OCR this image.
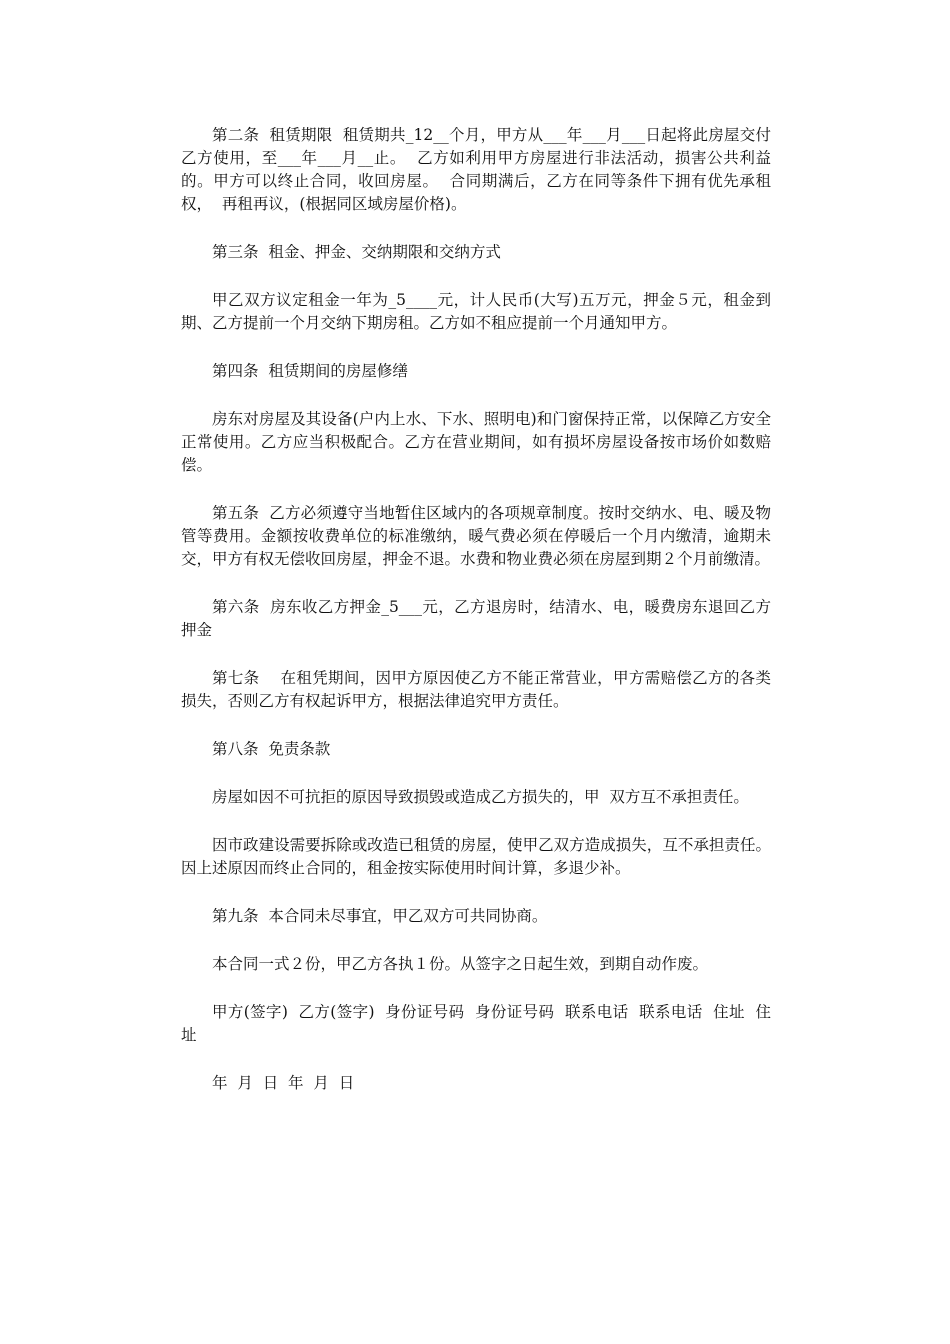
第二条  租赁期限  租赁期共_12__个月，甲方从___年___月___日起将此房屋交付乙方使用，至___年___月__止。  乙方如利用甲方房屋进行非法活动，损害公共利益的。甲方可以终止合同，收回房屋。  合同期满后，乙方在同等条件下拥有优先承租权，  再租再议，(根据同区域房屋价格)。

第三条  租金、押金、交纳期限和交纳方式

甲乙双方议定租金一年为_5____元，计人民币(大写)五万元，押金５元，租金到期、乙方提前一个月交纳下期房租。乙方如不租应提前一个月通知甲方。

第四条  租赁期间的房屋修缮

房东对房屋及其设备(户内上水、下水、照明电)和门窗保持正常，以保障乙方安全正常使用。乙方应当积极配合。乙方在营业期间，如有损坏房屋设备按市场价如数赔偿。

第五条  乙方必须遵守当地暂住区域内的各项规章制度。按时交纳水、电、暖及物管等费用。金额按收费单位的标准缴纳，暖气费必须在停暖后一个月内缴清，逾期未交，甲方有权无偿收回房屋，押金不退。水费和物业费必须在房屋到期２个月前缴清。

第六条  房东收乙方押金_5___元，乙方退房时，结清水、电，暖费房东退回乙方押金

第七条    在租凭期间，因甲方原因使乙方不能正常营业，甲方需赔偿乙方的各类损失，否则乙方有权起诉甲方，根据法律追究甲方责任。

第八条  免责条款

房屋如因不可抗拒的原因导致损毁或造成乙方损失的，甲  双方互不承担责任。

因市政建设需要拆除或改造已租赁的房屋，使甲乙双方造成损失，互不承担责任。因上述原因而终止合同的，租金按实际使用时间计算，多退少补。

第九条  本合同未尽事宜，甲乙双方可共同协商。

本合同一式２份，甲乙方各执１份。从签字之日起生效，到期自动作废。

甲方(签字)  乙方(签字)  身份证号码  身份证号码  联系电话  联系电话  住址  住  址

年  月  日  年  月  日
